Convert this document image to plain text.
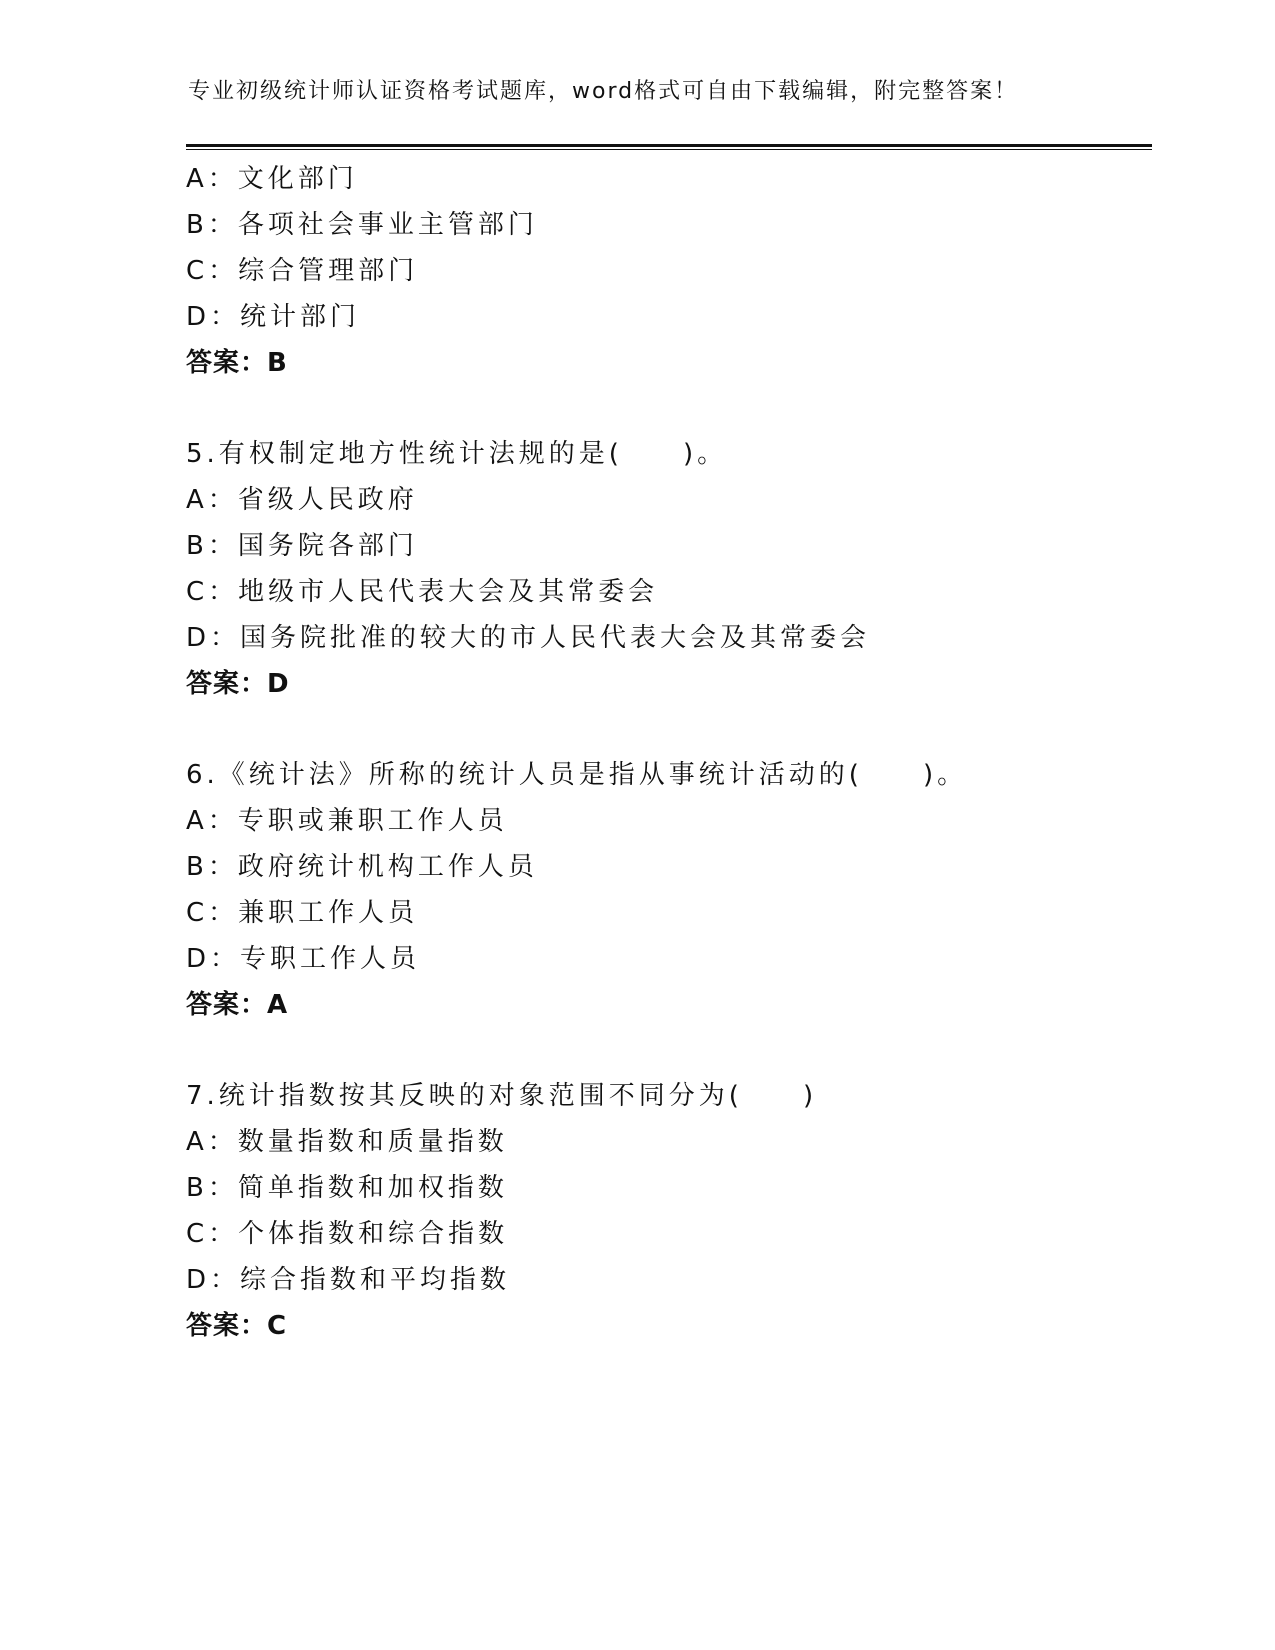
专业初级统计师认证资格考试题库，word格式可自由下载编辑，附完整答案！
A：文化部门
B：各项社会事业主管部门
C：综合管理部门
D：统计部门
答案：B
5.有权制定地方性统计法规的是(　　)。
A：省级人民政府
B：国务院各部门
C：地级市人民代表大会及其常委会
D：国务院批准的较大的市人民代表大会及其常委会
答案：D
6.《统计法》所称的统计人员是指从事统计活动的(　　)。
A：专职或兼职工作人员
B：政府统计机构工作人员
C：兼职工作人员
D：专职工作人员
答案：A
7.统计指数按其反映的对象范围不同分为(　　)
A：数量指数和质量指数
B：简单指数和加权指数
C：个体指数和综合指数
D：综合指数和平均指数
答案：C
